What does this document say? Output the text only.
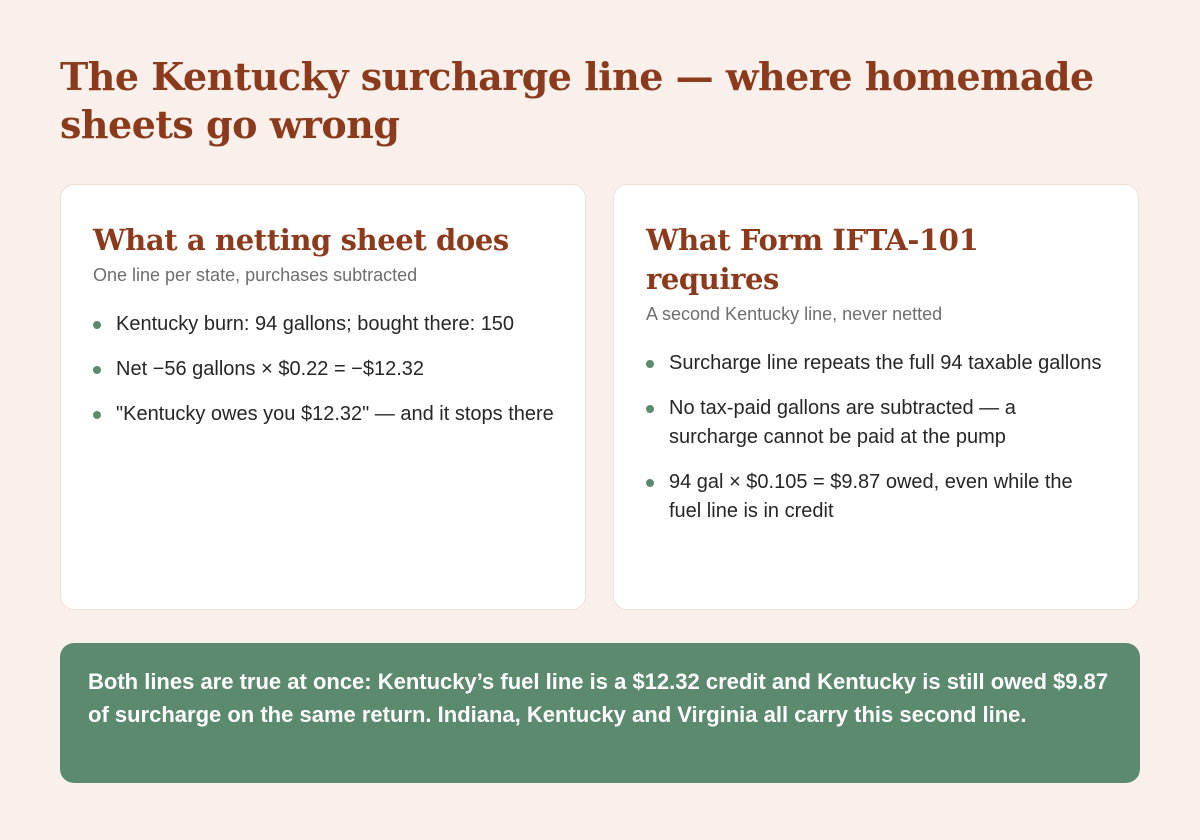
The Kentucky surcharge line — where homemade sheets go wrong
What a netting sheet does

One line per state, purchases subtracted

Kentucky burn: 94 gallons; bought there: 150
Net −56 gallons × $0.22 = −$12.32
"Kentucky owes you $12.32" — and it stops there
What Form IFTA-101 requires

A second Kentucky line, never netted

Surcharge line repeats the full 94 taxable gallons
No tax-paid gallons are subtracted — a surcharge cannot be paid at the pump
94 gal × $0.105 = $9.87 owed, even while the fuel line is in credit
Both lines are true at once: Kentucky’s fuel line is a $12.32 credit and Kentucky is still owed $9.87 of surcharge on the same return. Indiana, Kentucky and Virginia all carry this second line.
